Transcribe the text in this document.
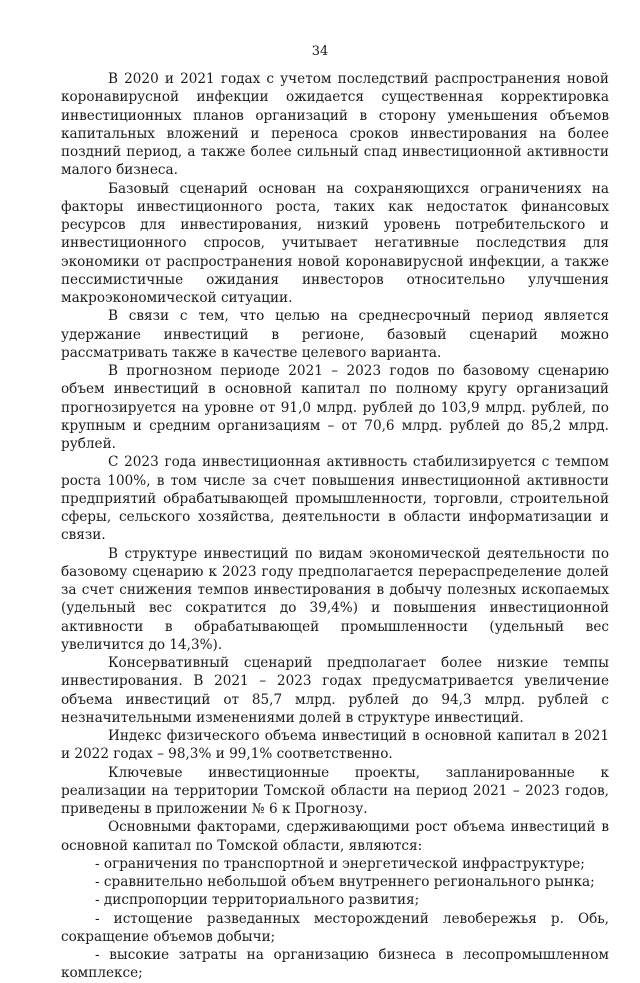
34

В 2020 и 2021 годах с учетом последствий распространения новой коронавирусной инфекции ожидается существенная корректировка инвестиционных планов организаций в сторону уменьшения объемов капитальных вложений и переноса сроков инвестирования на более поздний период, а также более сильный спад инвестиционной активности малого бизнеса.

Базовый сценарий основан на сохраняющихся ограничениях на факторы инвестиционного роста, таких как недостаток финансовых ресурсов для инвестирования, низкий уровень потребительского и инвестиционного спросов, учитывает негативные последствия для экономики от распространения новой коронавирусной инфекции, а также пессимистичные ожидания инвесторов относительно улучшения макроэкономической ситуации.

В связи с тем, что целью на среднесрочный период является удержание инвестиций в регионе, базовый сценарий можно рассматривать также в качестве целевого варианта.

В прогнозном периоде 2021 – 2023 годов по базовому сценарию объем инвестиций в основной капитал по полному кругу организаций прогнозируется на уровне от 91,0 млрд. рублей до 103,9 млрд. рублей, по крупным и средним организациям – от 70,6 млрд. рублей до 85,2 млрд. рублей.

С 2023 года инвестиционная активность стабилизируется с темпом роста 100%, в том числе за счет повышения инвестиционной активности предприятий обрабатывающей промышленности, торговли, строительной сферы, сельского хозяйства, деятельности в области информатизации и связи.

В структуре инвестиций по видам экономической деятельности по базовому сценарию к 2023 году предполагается перераспределение долей за счет снижения темпов инвестирования в добычу полезных ископаемых (удельный вес сократится до 39,4%) и повышения инвестиционной активности в обрабатывающей промышленности (удельный вес увеличится до 14,3%).

Консервативный сценарий предполагает более низкие темпы инвестирования. В 2021 – 2023 годах предусматривается увеличение объема инвестиций от 85,7 млрд. рублей до 94,3 млрд. рублей с незначительными изменениями долей в структуре инвестиций.

Индекс физического объема инвестиций в основной капитал в 2021 и 2022 годах – 98,3% и 99,1% соответственно.

Ключевые инвестиционные проекты, запланированные к реализации на территории Томской области на период 2021 – 2023 годов, приведены в приложении № 6 к Прогнозу.

Основными факторами, сдерживающими рост объема инвестиций в основной капитал по Томской области, являются:

- ограничения по транспортной и энергетической инфраструктуре;

- сравнительно небольшой объем внутреннего регионального рынка;

- диспропорции территориального развития;

- истощение разведанных месторождений левобережья р. Обь, сокращение объемов добычи;

- высокие затраты на организацию бизнеса в лесопромышленном комплексе;
